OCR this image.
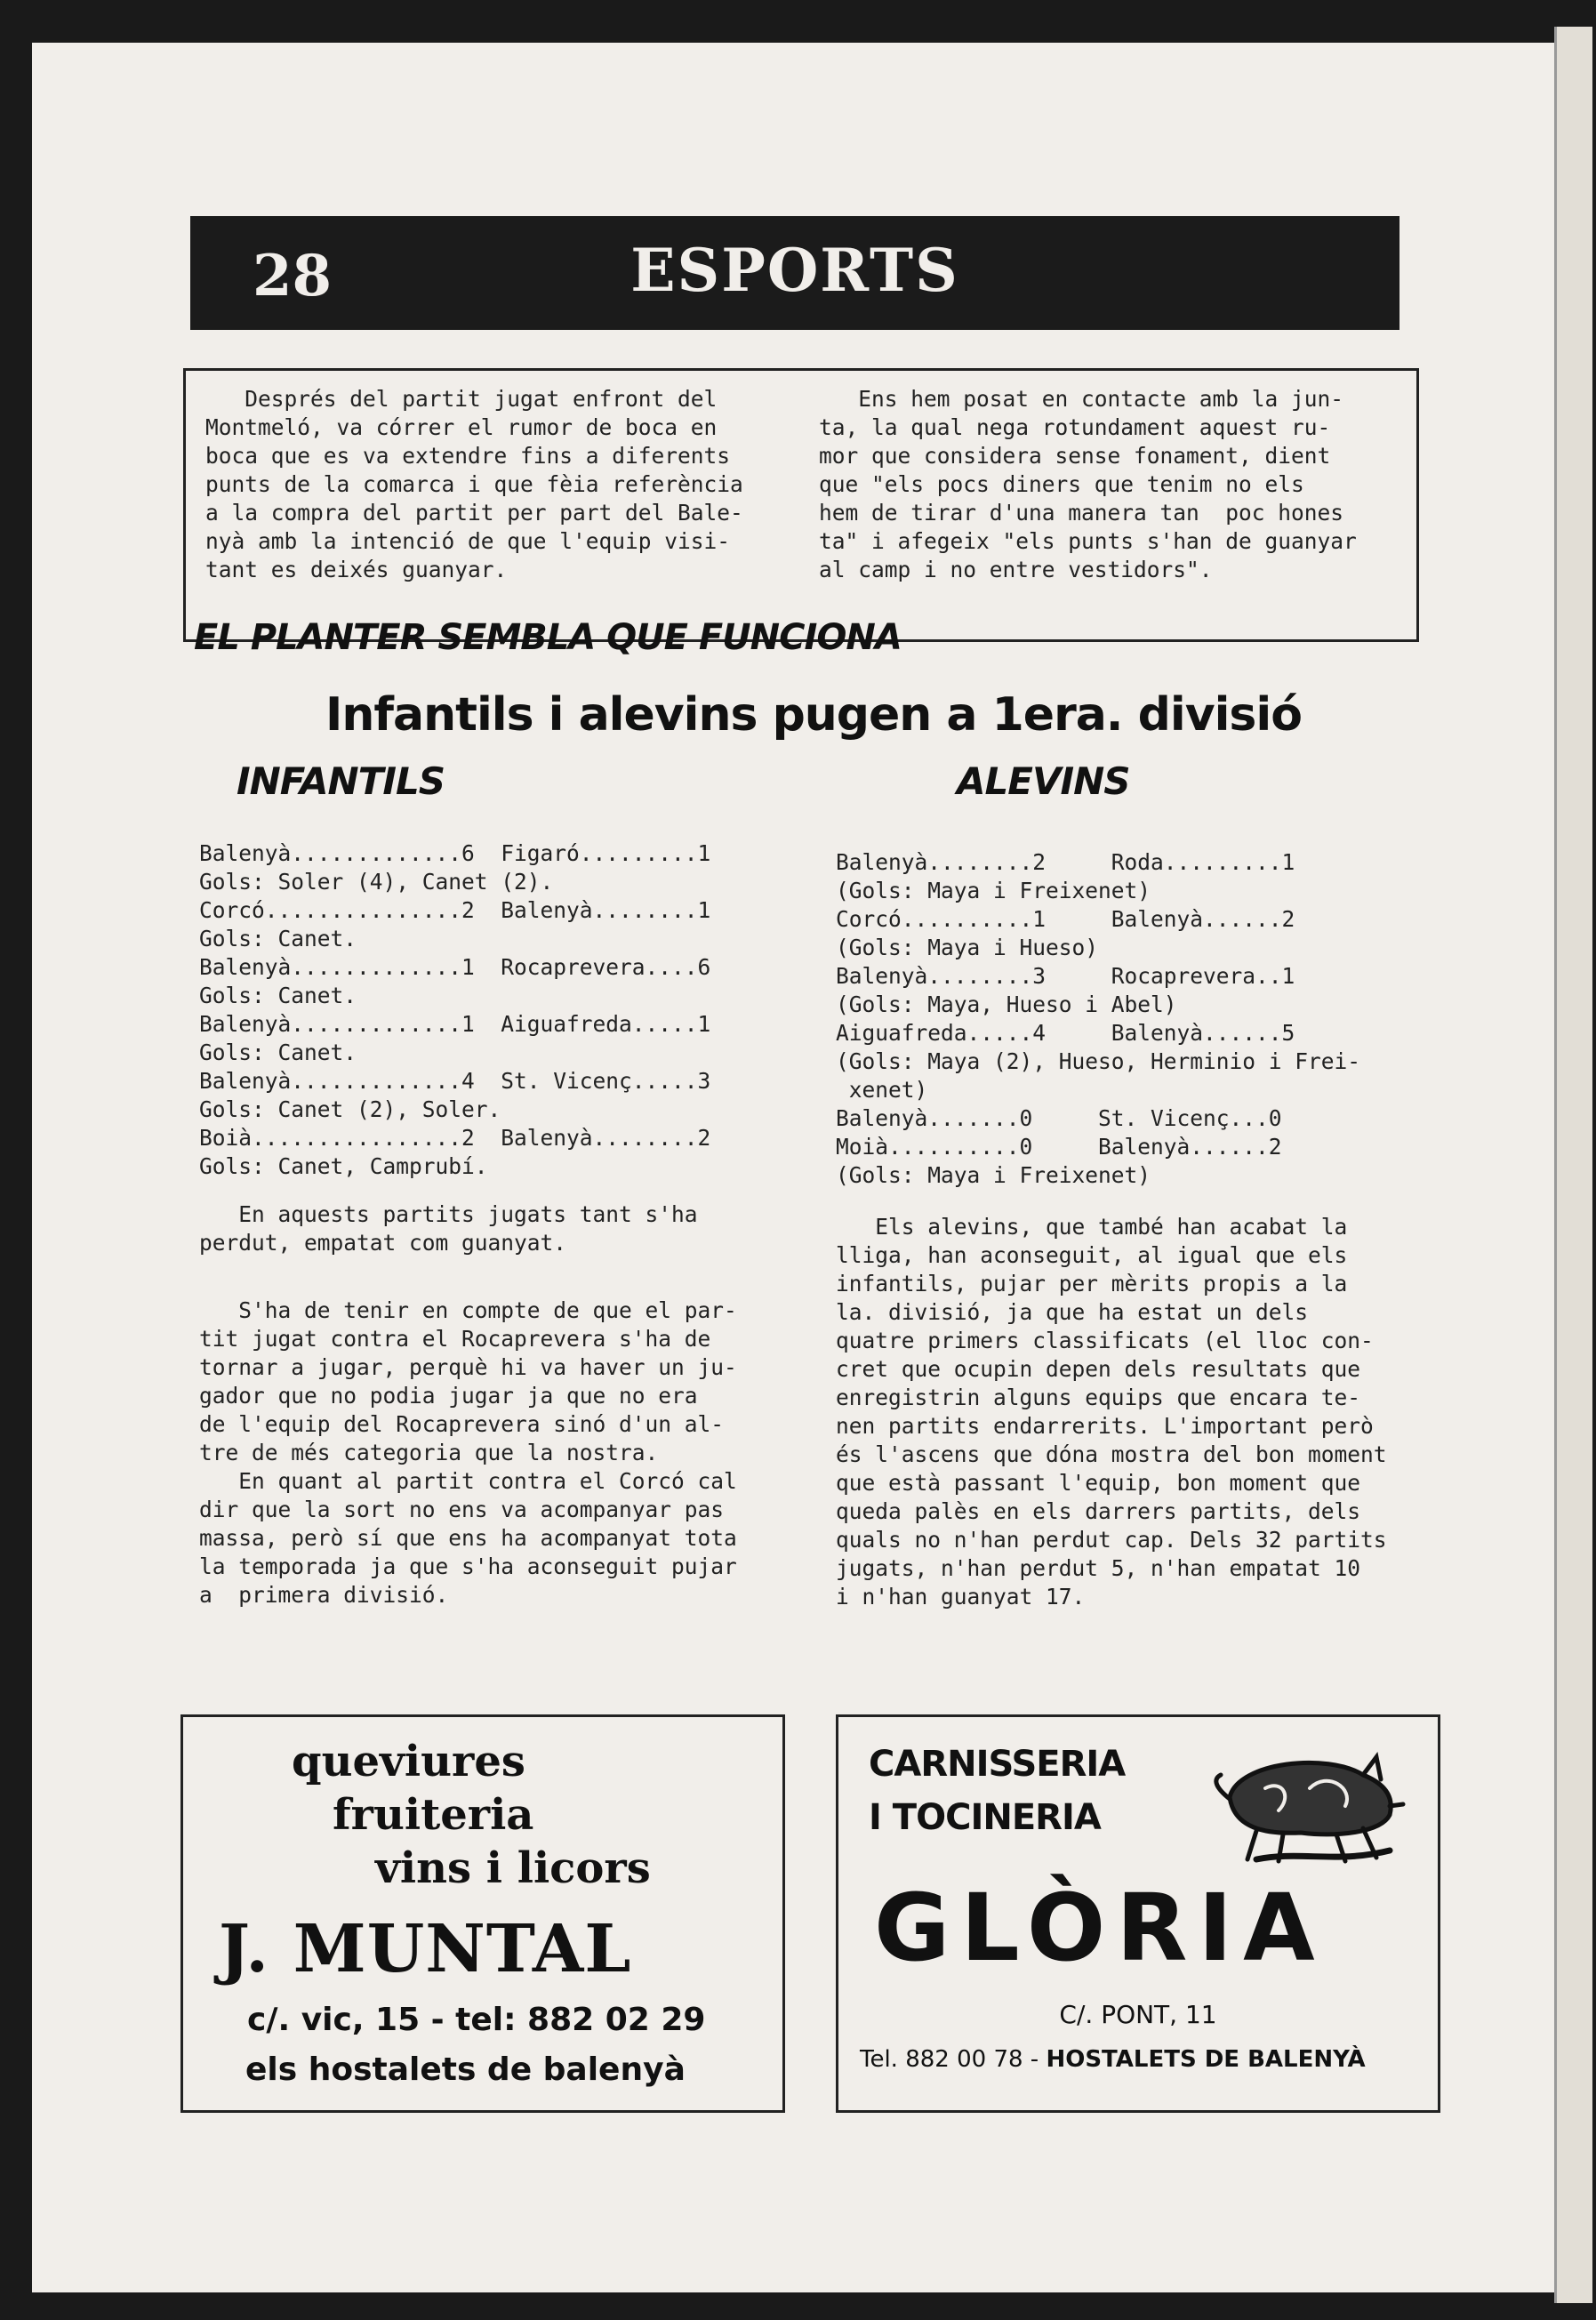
28	ESPORTS
Després del partit jugat enfront del
Montmeló, va córrer el rumor de boca en
boca que es va extendre fins a diferents
punts de la comarca i que fèia referència
a la compra del partit per part del Bale-
nyà amb la intenció de que l'equip visi-
tant es deixés guanyar.
Ens hem posat en contacte amb la jun-
ta, la qual nega rotundament aquest ru-
mor que considera sense fonament, dient
que "els pocs diners que tenim no els
hem de tirar d'una manera tan  poc hones
ta" i afegeix "els punts s'han de guanyar
al camp i no entre vestidors".
EL PLANTER SEMBLA QUE FUNCIONA
Infantils i alevins pugen a 1era. divisió
INFANTILS	ALEVINS
Balenyà.............6  Figaró.........1
Gols: Soler (4), Canet (2).
Corcó...............2  Balenyà........1
Gols: Canet.
Balenyà.............1  Rocaprevera....6
Gols: Canet.
Balenyà.............1  Aiguafreda.....1
Gols: Canet.
Balenyà.............4  St. Vicenç.....3
Gols: Canet (2), Soler.
Boià................2  Balenyà........2
Gols: Canet, Camprubí.
En aquests partits jugats tant s'ha
perdut, empatat com guanyat.
S'ha de tenir en compte de que el par-
tit jugat contra el Rocaprevera s'ha de
tornar a jugar, perquè hi va haver un ju-
gador que no podia jugar ja que no era
de l'equip del Rocaprevera sinó d'un al-
tre de més categoria que la nostra.
En quant al partit contra el Corcó cal
dir que la sort no ens va acompanyar pas
massa, però sí que ens ha acompanyat tota
la temporada ja que s'ha aconseguit pujar
a  primera divisió.
Balenyà........2     Roda.........1
(Gols: Maya i Freixenet)
Corcó..........1     Balenyà......2
(Gols: Maya i Hueso)
Balenyà........3     Rocaprevera..1
(Gols: Maya, Hueso i Abel)
Aiguafreda.....4     Balenyà......5
(Gols: Maya (2), Hueso, Herminio i Frei-
xenet)
Balenyà.......0     St. Vicenç...0
Moià..........0     Balenyà......2
(Gols: Maya i Freixenet)
Els alevins, que també han acabat la
lliga, han aconseguit, al igual que els
infantils, pujar per mèrits propis a la
la. divisió, ja que ha estat un dels
quatre primers classificats (el lloc con-
cret que ocupin depen dels resultats que
enregistrin alguns equips que encara te-
nen partits endarrerits. L'important però
és l'ascens que dóna mostra del bon moment
que està passant l'equip, bon moment que
queda palès en els darrers partits, dels
quals no n'han perdut cap. Dels 32 partits
jugats, n'han perdut 5, n'han empatat 10
i n'han guanyat 17.
queviures
fruiteria
vins i licors
J. MUNTAL
c/. vic, 15 - tel: 882 02 29
els hostalets de balenyà
CARNISSERIA
I TOCINERIA
GLÒRIA
C/. PONT, 11
Tel. 882 00 78 - HOSTALETS DE BALENYÀ
